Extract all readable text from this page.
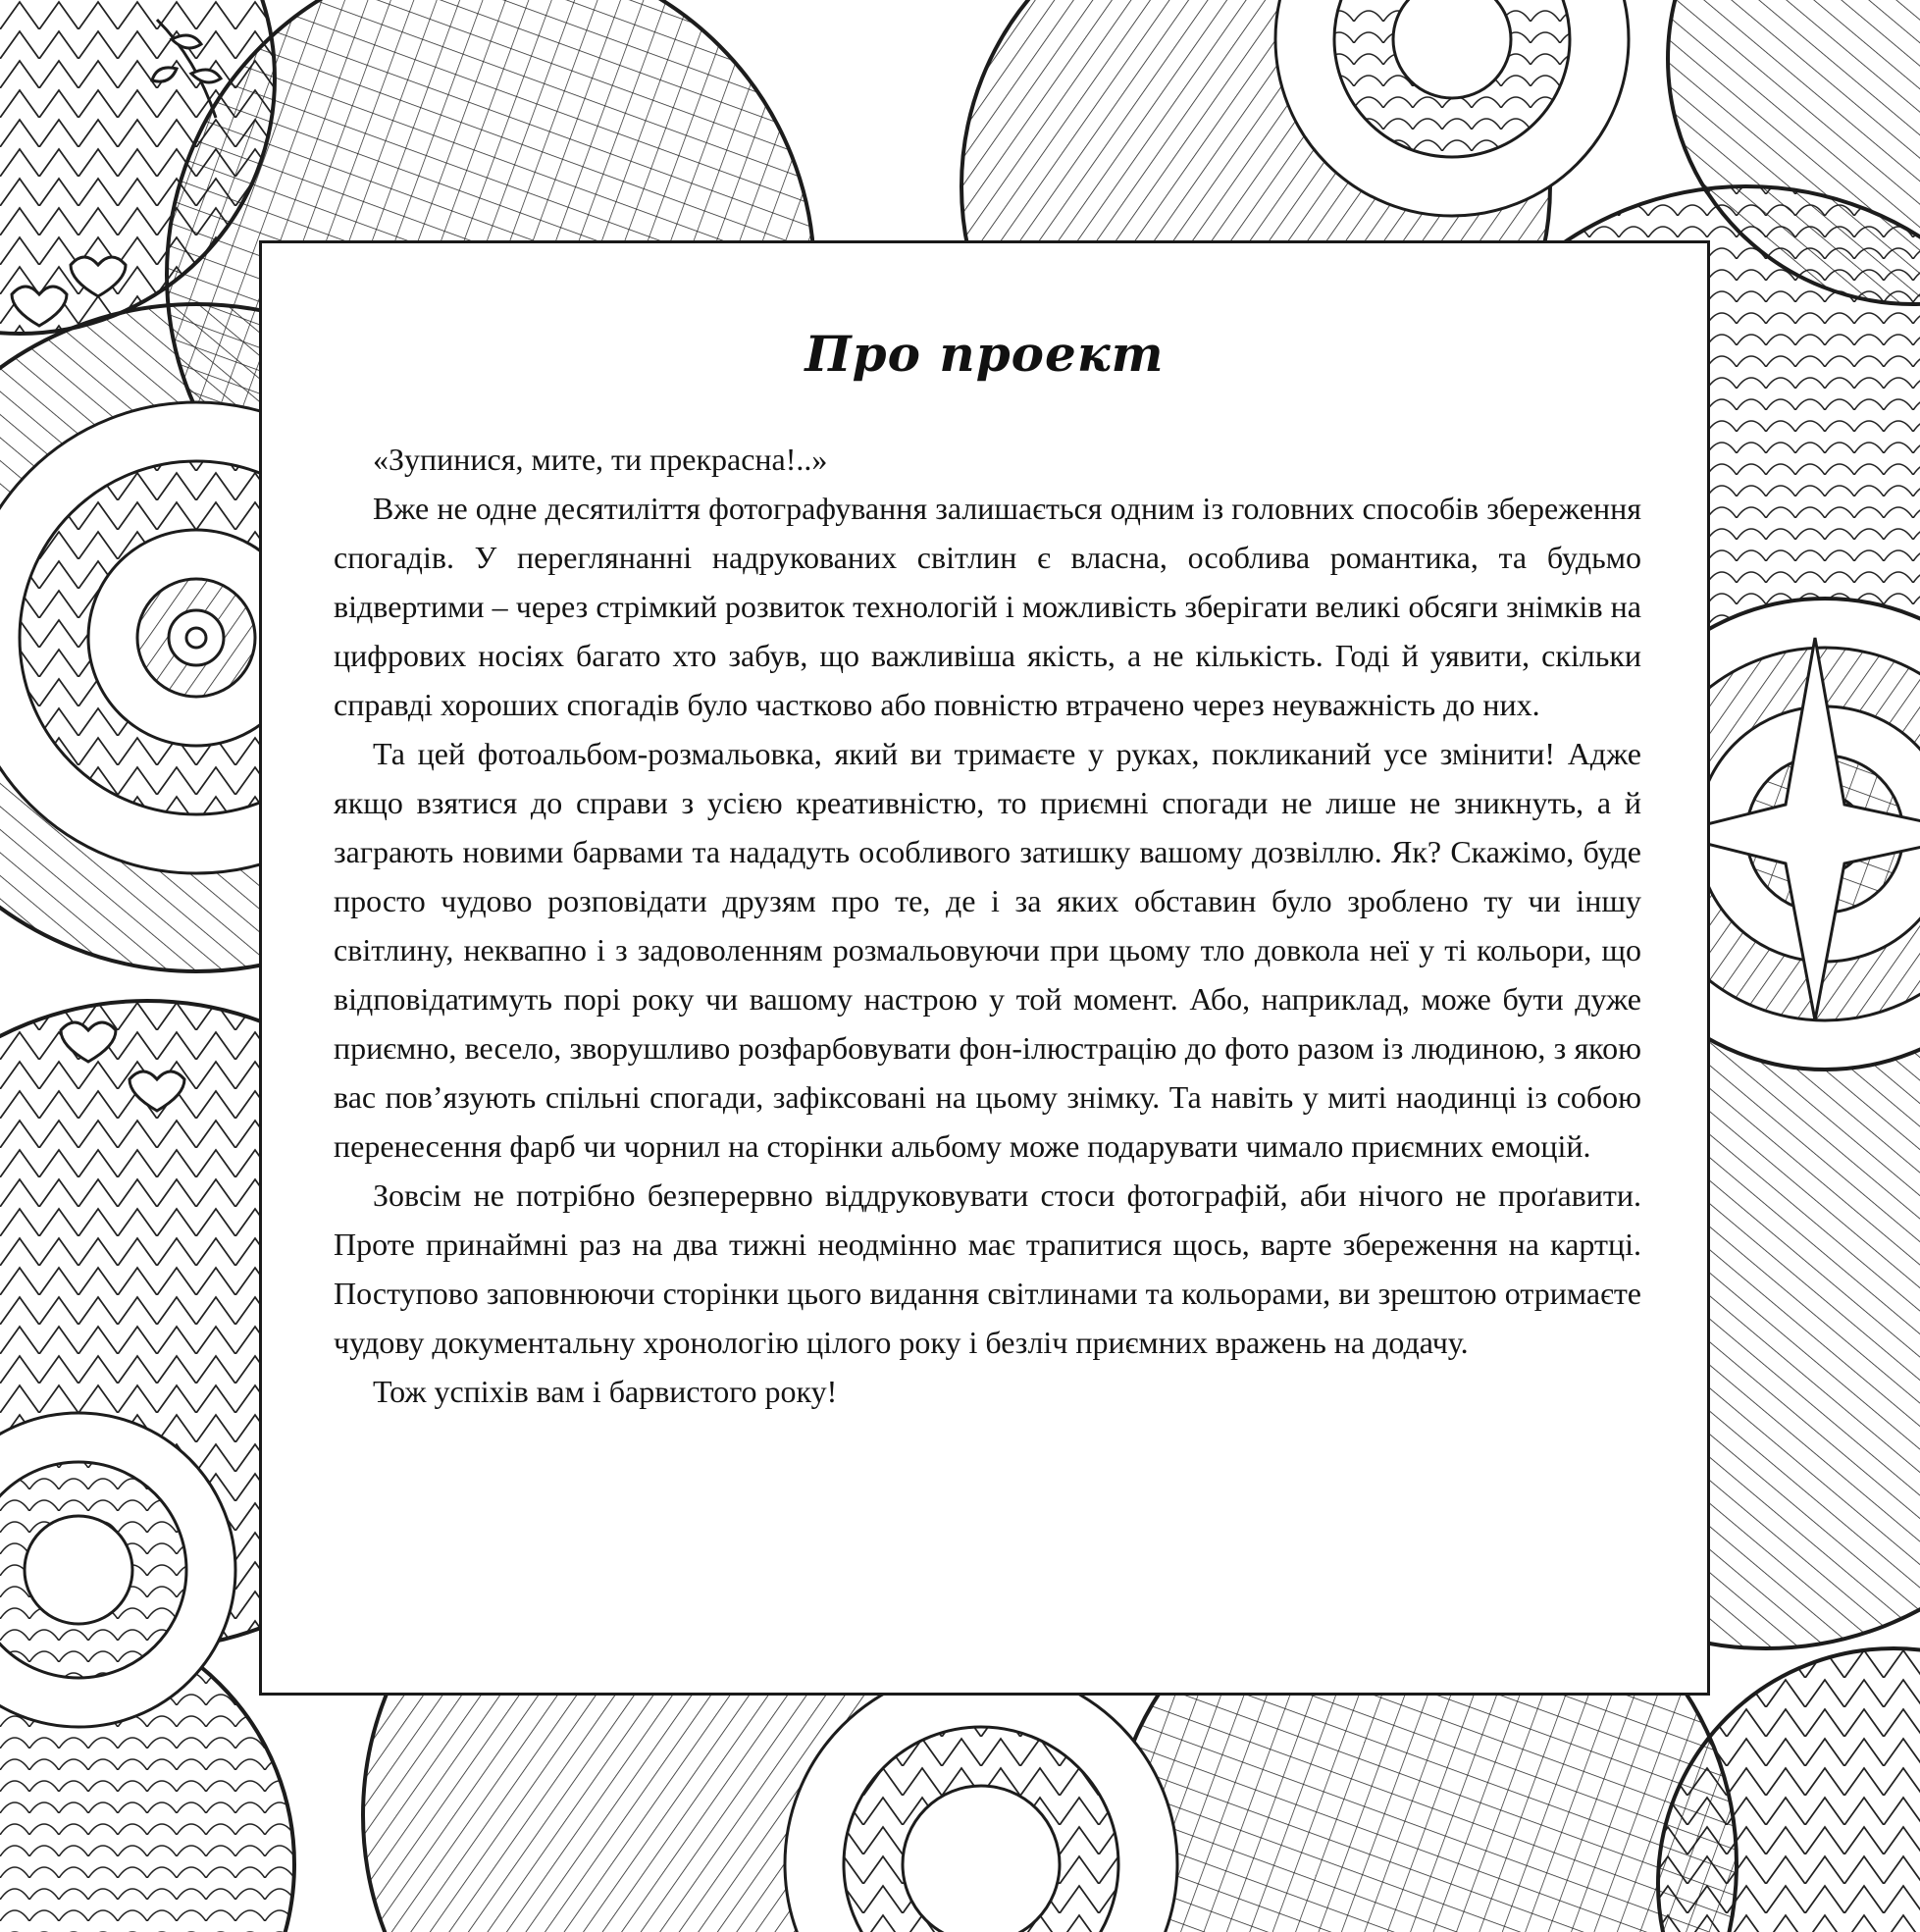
Про проект

«Зупинися, мите, ти прекрасна!..»

Вже не одне десятиліття фотографування залишається одним із головних способів збереження спогадів. У переглянанні надрукованих світлин є власна, особлива романтика, та будьмо відвертими – через стрімкий розвиток технологій і можливість зберігати великі обсяги знімків на цифрових носіях багато хто забув, що важливіша якість, а не кількість. Годі й уявити, скільки справді хороших спогадів було частково або повністю втрачено через неуважність до них.

Та цей фотоальбом-розмальовка, який ви тримаєте у руках, покликаний усе змінити! Адже якщо взятися до справи з усією креативністю, то приємні спогади не лише не зникнуть, а й заграють новими барвами та нададуть особливого затишку вашому дозвіллю. Як? Скажімо, буде просто чудово розповідати друзям про те, де і за яких обставин було зроблено ту чи іншу світлину, неквапно і з задоволенням розмальовуючи при цьому тло довкола неї у ті кольори, що відповідатимуть порі року чи вашому настрою у той момент. Або, наприклад, може бути дуже приємно, весело, зворушливо розфарбовувати фон-ілюстрацію до фото разом із людиною, з якою вас пов’язують спільні спогади, зафіксовані на цьому знімку. Та навіть у миті наодинці із собою перенесення фарб чи чорнил на сторінки альбому може подарувати чимало приємних емоцій.

Зовсім не потрібно безперервно віддруковувати стоси фотографій, аби нічого не проґавити. Проте принаймні раз на два тижні неодмінно має трапитися щось, варте збереження на картці. Поступово заповнюючи сторінки цього видання світлинами та кольорами, ви зрештою отримаєте чудову документальну хронологію цілого року і безліч приємних вражень на додачу.

Тож успіхів вам і барвистого року!
